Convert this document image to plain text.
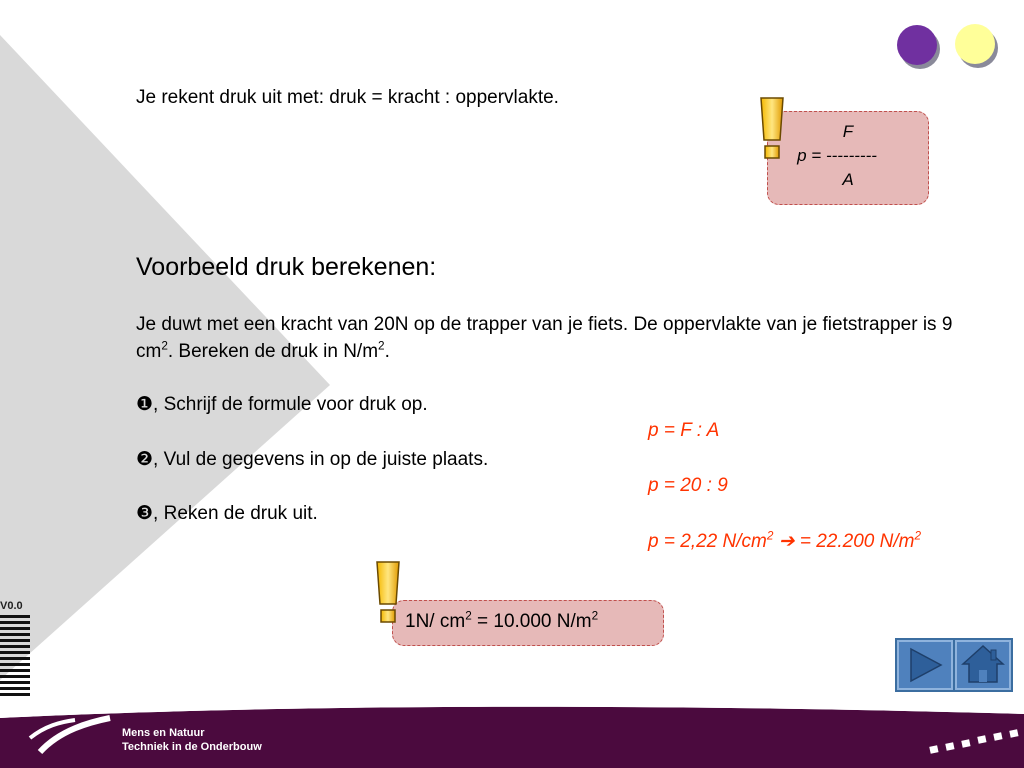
Je rekent druk uit met: druk = kracht : oppervlakte.
F
p = ---------
A
Voorbeeld druk berekenen:
Je duwt met een kracht van 20N op de trapper van je fiets. De oppervlakte van je fietstrapper is 9 $cm^2$. Bereken de druk in $N/m^2$.
❶, Schrijf de formule voor druk op.
❷, Vul de gegevens in op de juiste plaats.
❸, Reken de druk uit.
p = F : A
p = 20 : 9
p = 2,22 $N/cm^2$ ➔ = 22.200 $N/m^2$
1N/ $cm^2 = 10.000$ $N/m^2$
V0.0
Mens en Natuur
Techniek in de Onderbouw
